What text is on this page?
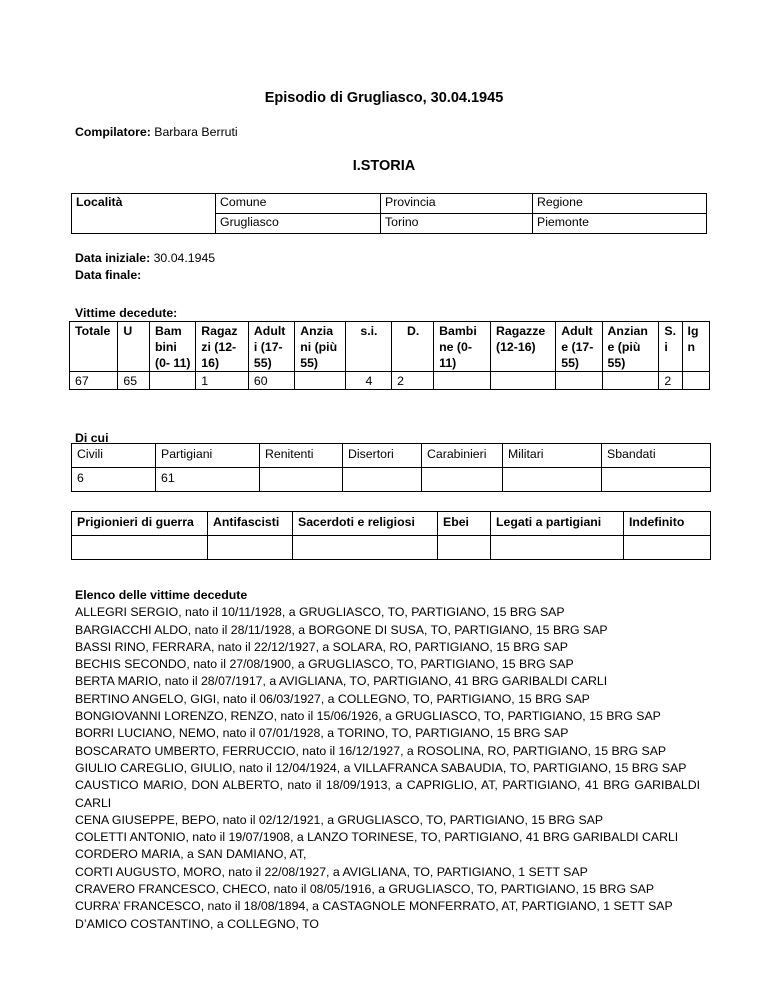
Episodio di Grugliasco, 30.04.1945
Compilatore: Barbara Berruti
I.STORIA
Località	Comune	Provincia	Regione
	Grugliasco	Torino	Piemonte
Data iniziale: 30.04.1945
Data finale:
Vittime decedute:
Totale	U	Bam bini (0- 11)	Ragaz zi (12- 16)	Adult i (17- 55)	Anzia ni (più 55)	s.i.	D.	Bambi ne (0- 11)	Ragazze (12-16)	Adult e (17- 55)	Anzian e (più 55)	S. i	Ig n
67	65		1	60		4	2					2	
Di cui
Civili	Partigiani	Renitenti	Disertori	Carabinieri	Militari	Sbandati
6	61					
Prigionieri di guerra	Antifascisti	Sacerdoti e religiosi	Ebei	Legati a partigiani	Indefinito

Elenco delle vittime decedute
ALLEGRI SERGIO, nato il 10/11/1928, a GRUGLIASCO, TO, PARTIGIANO, 15 BRG SAP
BARGIACCHI ALDO, nato il 28/11/1928, a BORGONE DI SUSA, TO, PARTIGIANO, 15 BRG SAP
BASSI RINO, FERRARA, nato il 22/12/1927, a SOLARA, RO, PARTIGIANO, 15 BRG SAP
BECHIS SECONDO, nato il 27/08/1900, a GRUGLIASCO, TO, PARTIGIANO, 15 BRG SAP
BERTA MARIO, nato il 28/07/1917, a AVIGLIANA, TO, PARTIGIANO, 41 BRG GARIBALDI CARLI
BERTINO ANGELO, GIGI, nato il 06/03/1927, a COLLEGNO, TO, PARTIGIANO, 15 BRG SAP
BONGIOVANNI LORENZO, RENZO, nato il 15/06/1926, a GRUGLIASCO, TO, PARTIGIANO, 15 BRG SAP
BORRI LUCIANO, NEMO, nato il 07/01/1928, a TORINO, TO, PARTIGIANO, 15 BRG SAP
BOSCARATO UMBERTO, FERRUCCIO, nato il 16/12/1927, a ROSOLINA, RO, PARTIGIANO, 15 BRG SAP
GIULIO CAREGLIO, GIULIO, nato il 12/04/1924, a VILLAFRANCA SABAUDIA, TO, PARTIGIANO, 15 BRG SAP
CAUSTICO MARIO, DON ALBERTO, nato il 18/09/1913, a CAPRIGLIO, AT, PARTIGIANO, 41 BRG GARIBALDI
CARLI
CENA GIUSEPPE, BEPO, nato il 02/12/1921, a GRUGLIASCO, TO, PARTIGIANO, 15 BRG SAP
COLETTI ANTONIO, nato il 19/07/1908, a LANZO TORINESE, TO, PARTIGIANO, 41 BRG GARIBALDI CARLI
CORDERO MARIA, a SAN DAMIANO, AT,
CORTI AUGUSTO, MORO, nato il 22/08/1927, a AVIGLIANA, TO, PARTIGIANO, 1 SETT SAP
CRAVERO FRANCESCO, CHECO, nato il 08/05/1916, a GRUGLIASCO, TO, PARTIGIANO, 15 BRG SAP
CURRA’ FRANCESCO, nato il 18/08/1894, a CASTAGNOLE MONFERRATO, AT, PARTIGIANO, 1 SETT SAP
D’AMICO COSTANTINO, a COLLEGNO, TO
